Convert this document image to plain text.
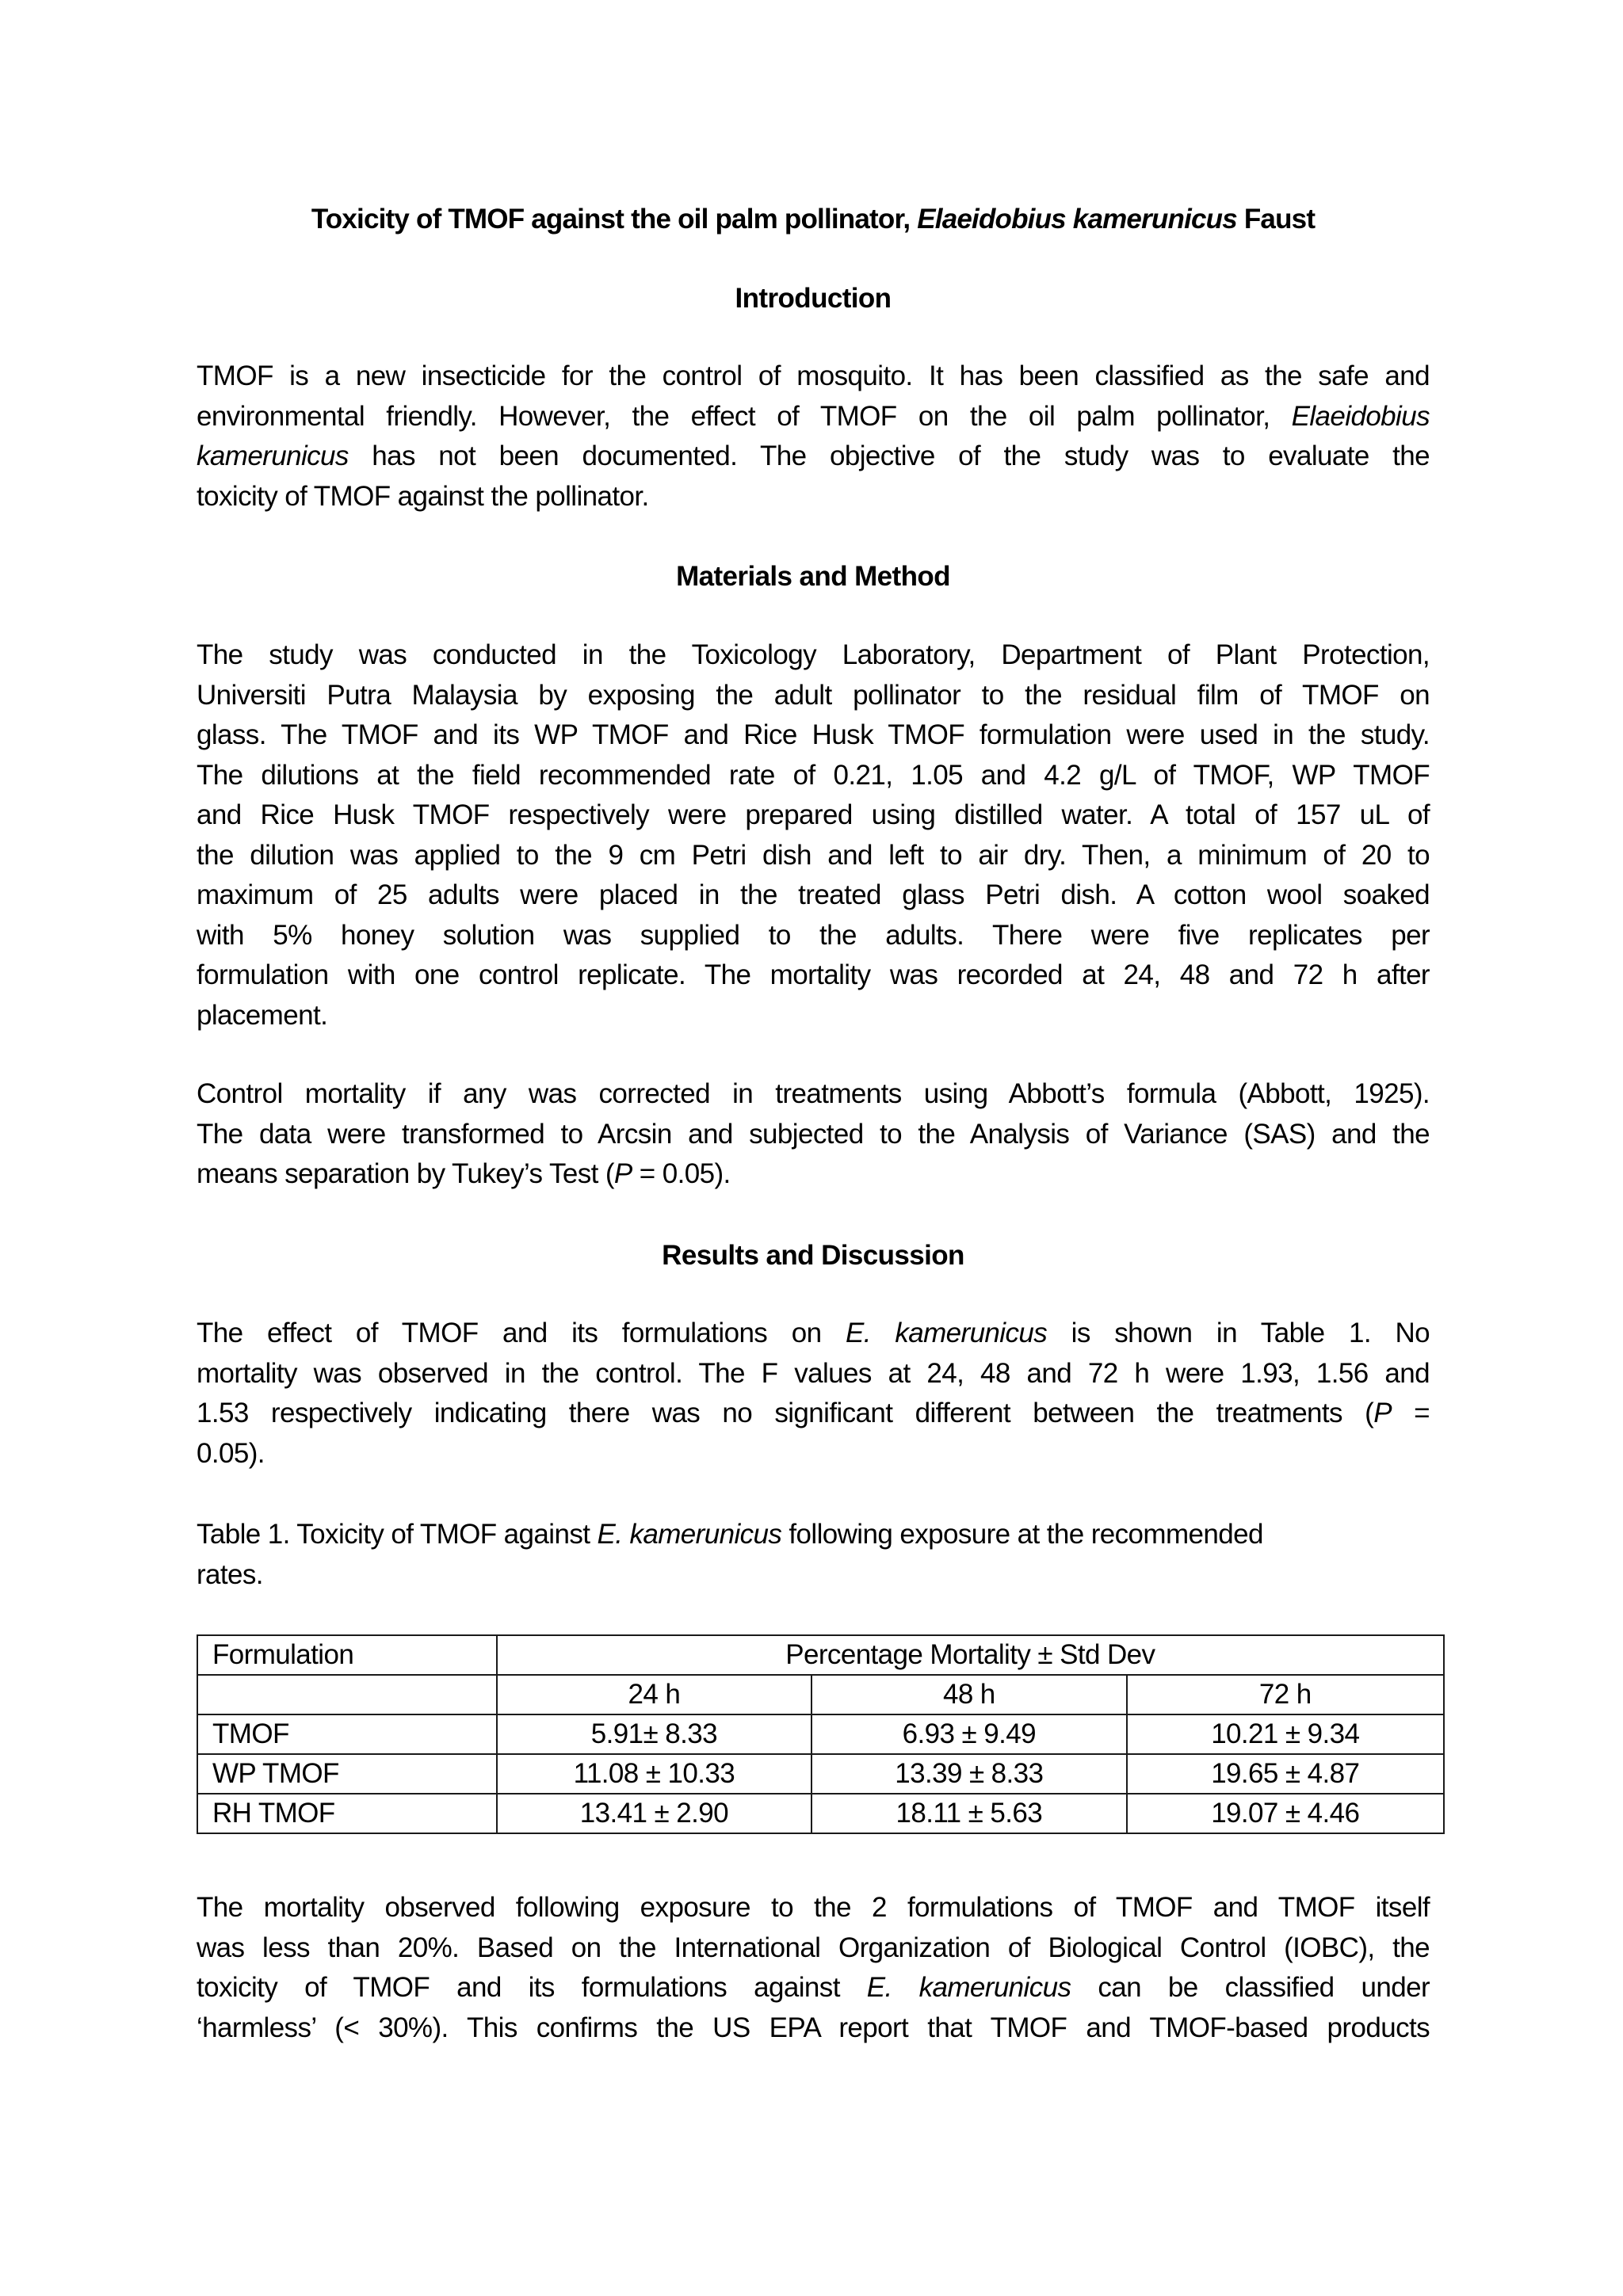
Toxicity of TMOF against the oil palm pollinator, Elaeidobius kamerunicus Faust
Introduction
TMOF is a new insecticide for the control of mosquito. It has been classified as the safe and
environmental friendly. However, the effect of TMOF on the oil palm pollinator, Elaeidobius
kamerunicus has not been documented. The objective of the study was to evaluate the
toxicity of TMOF against the pollinator.
Materials and Method
The study was conducted in the Toxicology Laboratory, Department of Plant Protection,
Universiti Putra Malaysia by exposing the adult pollinator to the residual film of TMOF on
glass. The TMOF and its WP TMOF and Rice Husk TMOF formulation were used in the study.
The dilutions at the field recommended rate of 0.21, 1.05 and 4.2 g/L of TMOF, WP TMOF
and Rice Husk TMOF respectively were prepared using distilled water. A total of 157 uL of
the dilution was applied to the 9 cm Petri dish and left to air dry. Then, a minimum of 20 to
maximum of 25 adults were placed in the treated glass Petri dish. A cotton wool soaked
with 5% honey solution was supplied to the adults. There were five replicates per
formulation with one control replicate. The mortality was recorded at 24, 48 and 72 h after
placement.
Control mortality if any was corrected in treatments using Abbott’s formula (Abbott, 1925).
The data were transformed to Arcsin and subjected to the Analysis of Variance (SAS) and the
means separation by Tukey’s Test (P = 0.05).
Results and Discussion
The effect of TMOF and its formulations on E. kamerunicus is shown in Table 1. No
mortality was observed in the control. The F values at 24, 48 and 72 h were 1.93, 1.56 and
1.53 respectively indicating there was no significant different between the treatments (P =
0.05).
Table 1. Toxicity of TMOF against E. kamerunicus following exposure at the recommended
rates.
Formulation	Percentage Mortality ± Std Dev		
	24 h	48 h	72 h
TMOF	5.91± 8.33	6.93 ± 9.49	10.21 ± 9.34
WP TMOF	11.08 ± 10.33	13.39 ± 8.33	19.65 ± 4.87
RH TMOF	13.41 ± 2.90	18.11 ± 5.63	19.07 ± 4.46
The mortality observed following exposure to the 2 formulations of TMOF and TMOF itself
was less than 20%. Based on the International Organization of Biological Control (IOBC), the
toxicity of TMOF and its formulations against E. kamerunicus can be classified under
‘harmless’ (< 30%). This confirms the US EPA report that TMOF and TMOF-based products
